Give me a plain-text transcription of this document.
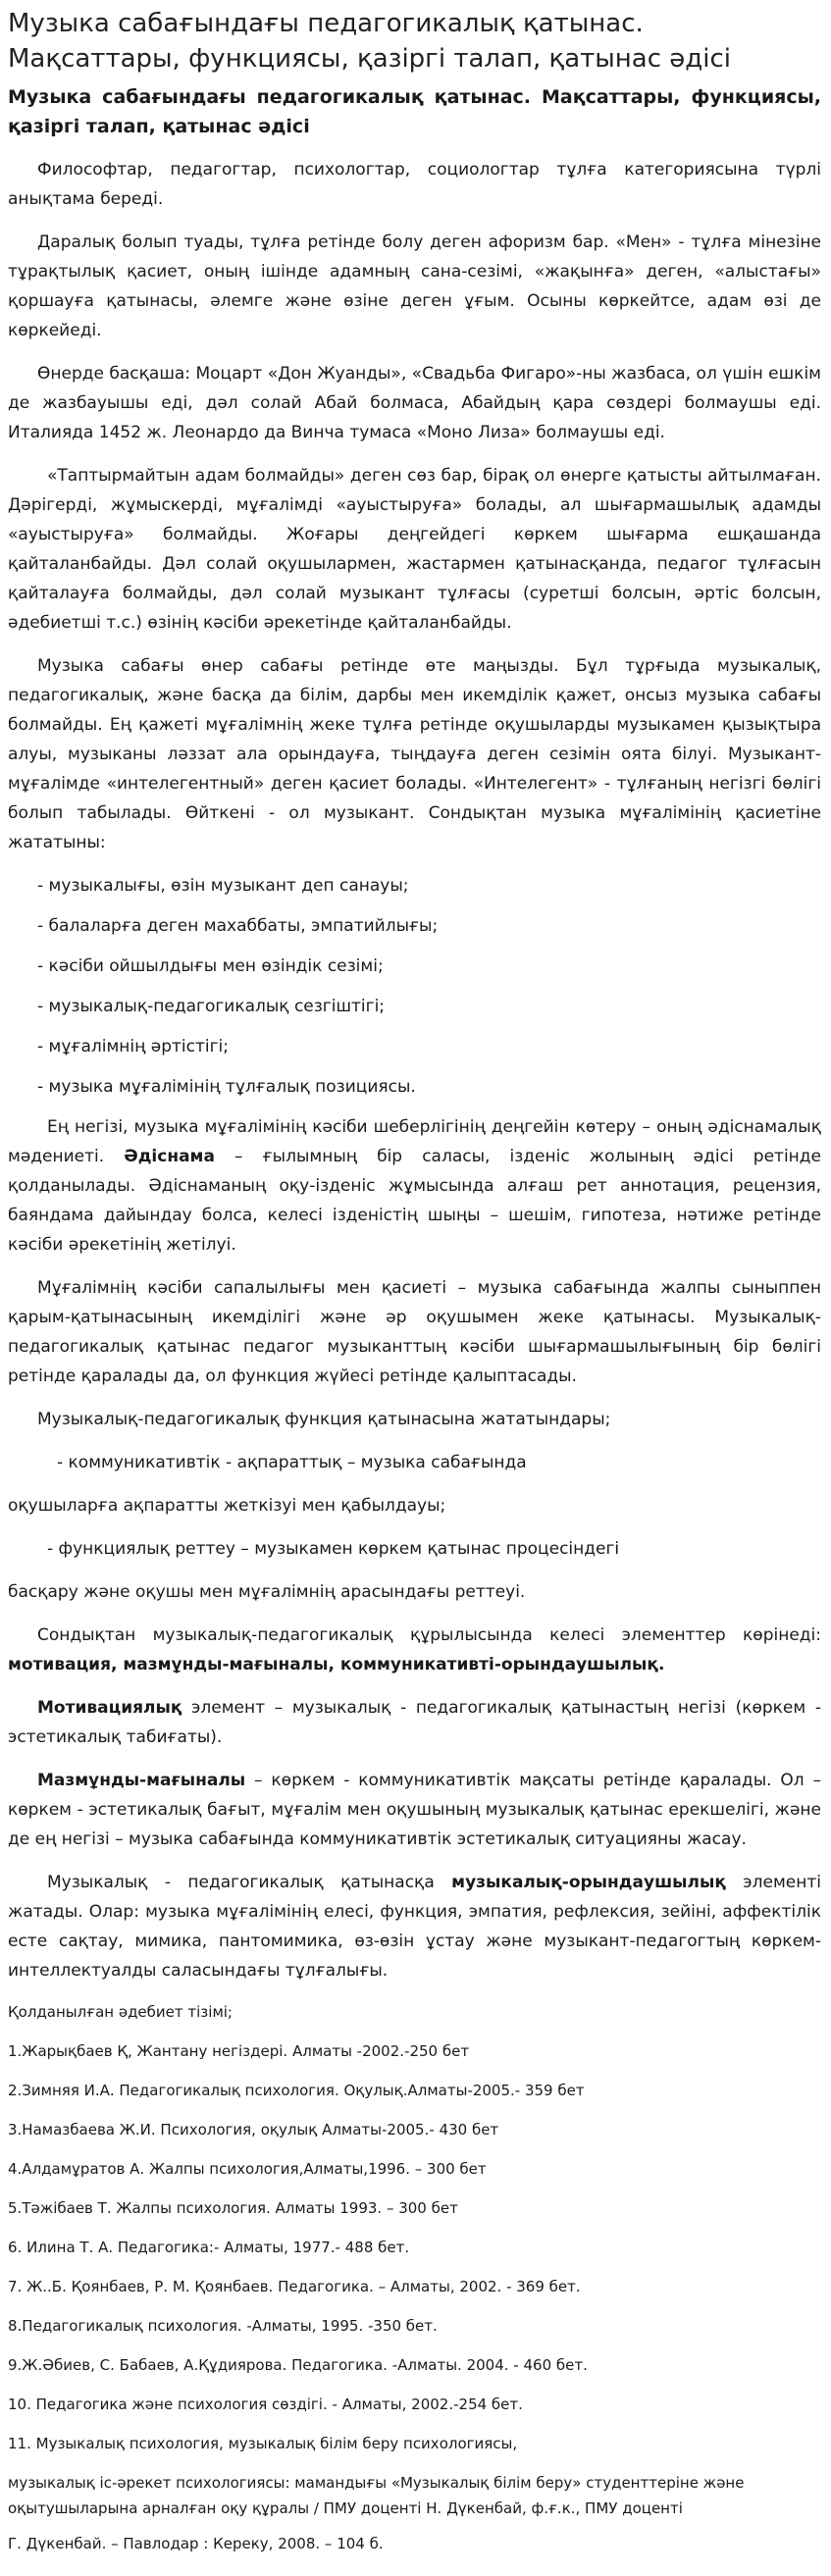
Музыка сабағындағы педагогикалық қатынас. Мақсаттары, функциясы, қазіргі талап, қатынас әдісі
Музыка сабағындағы педагогикалық қатынас. Мақсаттары, функциясы, қазіргі талап, қатынас әдісі

Философтар, педагогтар, психологтар, социологтар тұлға категориясына түрлі анықтама береді.

Даралық болып туады, тұлға ретінде болу деген афоризм бар. «Мен» - тұлға мінезіне тұрақтылық қасиет, оның ішінде адамның сана-сезімі, «жақынға» деген, «алыстағы» қоршауға қатынасы, әлемге және өзіне деген ұғым. Осыны көркейтсе, адам өзі де көркейеді.

Өнерде басқаша: Моцарт «Дон Жуанды», «Свадьба Фигаро»-ны жазбаса, ол үшін ешкім де жазбауышы еді, дәл солай Абай болмаса, Абайдың қара сөздері болмаушы еді. Италияда 1452 ж. Леонардо да Винча тумаса «Моно Лиза» болмаушы еді.

«Таптырмайтын адам болмайды» деген сөз бар, бірақ ол өнерге қатысты айтылмаған. Дәрігерді, жұмыскерді, мұғалімді «ауыстыруға» болады, ал шығармашылық адамды «ауыстыруға» болмайды. Жоғары деңгейдегі көркем шығарма ешқашанда қайталанбайды. Дәл солай оқушылармен, жастармен қатынасқанда, педагог тұлғасын қайталауға болмайды, дәл солай музыкант тұлғасы (суретші болсын, әртіс болсын, әдебиетші т.с.) өзінің кәсіби әрекетінде қайталанбайды.

Музыка сабағы өнер сабағы ретінде өте маңызды. Бұл тұрғыда музыкалық, педагогикалық, және басқа да білім, дарбы мен икемділік қажет, онсыз музыка сабағы болмайды. Ең қажеті мұғалімнің жеке тұлға ретінде оқушыларды музыкамен қызықтыра алуы, музыканы ләззат ала орындауға, тыңдауға деген сезімін оята білуі. Музыкант-мұғалімде «интелегентный» деген қасиет болады. «Интелегент» - тұлғаның негізгі бөлігі болып табылады. Өйткені - ол музыкант. Сондықтан музыка мұғалімінің қасиетіне жататыны:

- музыкалығы, өзін музыкант деп санауы;
- балаларға деген махаббаты, эмпатийлығы;
- кәсіби ойшылдығы мен өзіндік сезімі;
- музыкалық-педагогикалық сезгіштігі;
- мұғалімнің әртістігі;
- музыка мұғалімінің тұлғалық позициясы.

Ең негізі, музыка мұғалімінің кәсіби шеберлігінің деңгейін көтеру – оның әдіснамалық мәдениеті. Әдіснама – ғылымның бір саласы, ізденіс жолының әдісі ретінде қолданылады. Әдіснаманың оқу-ізденіс жұмысында алғаш рет аннотация, рецензия, баяндама дайындау болса, келесі ізденістің шыңы – шешім, гипотеза, нәтиже ретінде кәсіби әрекетінің жетілуі.

Мұғалімнің кәсіби сапалылығы мен қасиеті – музыка сабағында жалпы сыныппен қарым-қатынасының икемділігі және әр оқушымен жеке қатынасы. Музыкалық-педагогикалық қатынас педагог музыканттың кәсіби шығармашылығының бір бөлігі ретінде қаралады да, ол функция жүйесі ретінде қалыптасады.

Музыкалық-педагогикалық функция қатынасына жататындары;

- коммуникативтік - ақпараттық – музыка сабағында
оқушыларға ақпаратты жеткізуі мен қабылдауы;
- функциялық реттеу – музыкамен көркем қатынас процесіндегі
басқару және оқушы мен мұғалімнің арасындағы реттеуі.

Сондықтан музыкалық-педагогикалық құрылысында келесі элементтер көрінеді: мотивация, мазмұнды-мағыналы, коммуникативті-орындаушылық.

Мотивациялық элемент – музыкалық - педагогикалық қатынастың негізі (көркем - эстетикалық табиғаты).

Мазмұнды-мағыналы – көркем - коммуникативтік мақсаты ретінде қаралады. Ол – көркем - эстетикалық бағыт, мұғалім мен оқушының музыкалық қатынас ерекшелігі, және де ең негізі – музыка сабағында коммуникативтік эстетикалық ситуацияны жасау.

Музыкалық - педагогикалық қатынасқа музыкалық-орындаушылық элементі жатады. Олар: музыка мұғалімінің елесі, функция, эмпатия, рефлексия, зейіні, аффектілік есте сақтау, мимика, пантомимика, өз-өзін ұстау және музыкант-педагогтың көркем-интеллектуалды саласындағы тұлғалығы.

Қолданылған әдебиет тізімі;
1.Жарықбаев Қ, Жантану негіздері. Алматы -2002.-250 бет
2.Зимняя И.А. Педагогикалық психология. Оқулық.Алматы-2005.- 359 бет
3.Намазбаева Ж.И. Психология, оқулық Алматы-2005.- 430 бет
4.Алдамұратов А. Жалпы психология,Алматы,1996. – 300 бет
5.Тәжібаев Т. Жалпы психология. Алматы 1993. – 300 бет
6. Илина Т. А. Педагогика:- Алматы, 1977.- 488 бет.
7. Ж..Б. Қоянбаев, Р. М. Қоянбаев. Педагогика. – Алматы, 2002. - 369 бет.
8.Педагогикалық психология. -Алматы, 1995. -350 бет.
9.Ж.Әбиев, С. Бабаев, А.Құдиярова. Педагогика. -Алматы. 2004. - 460 бет.
10. Педагогика және психология сөздігі. - Алматы, 2002.-254 бет.
11. Музыкалық психология, музыкалық білім беру психологиясы,
музыкалық іс-әрекет психологиясы: мамандығы «Музыкалық білім беру» студенттеріне және оқытушыларына арналған оқу құралы / ПМУ доценті Н. Дүкенбай, ф.ғ.к., ПМУ доценті
Г. Дүкенбай. – Павлодар : Кереку, 2008. – 104 б.
